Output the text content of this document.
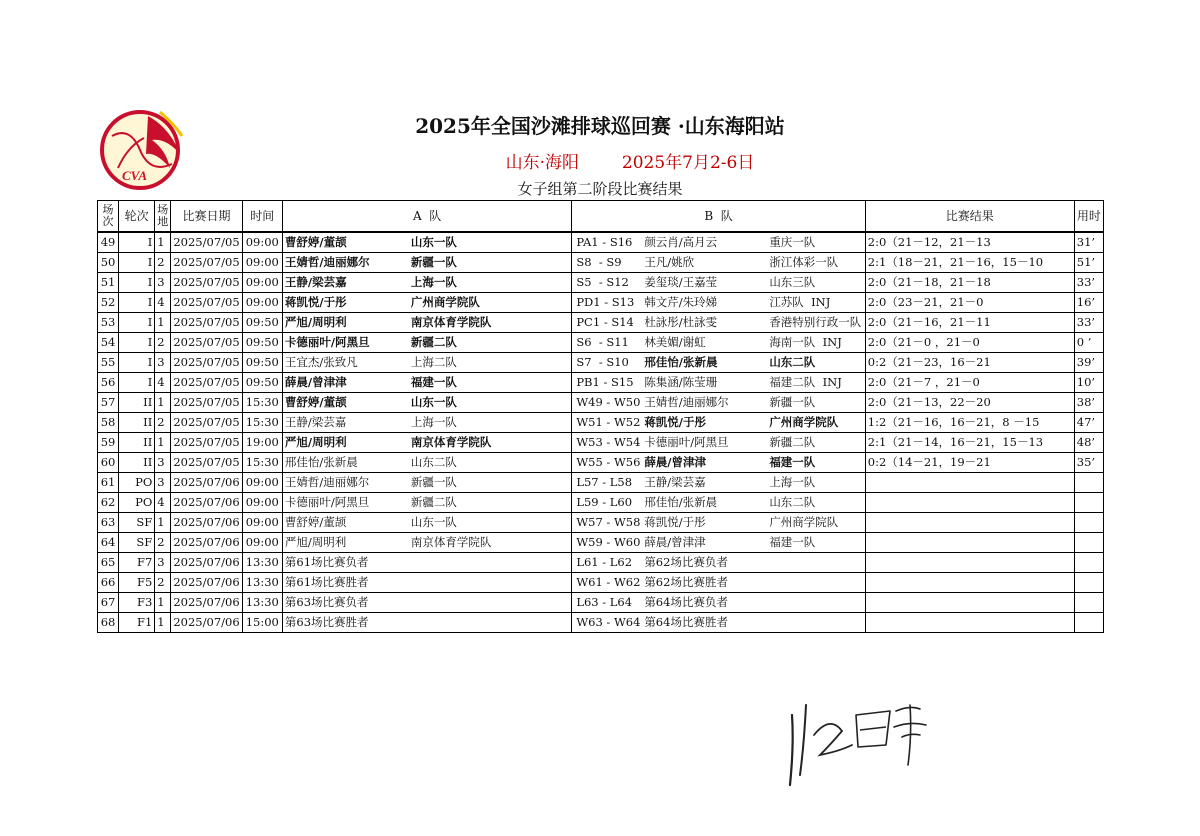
CVA
2025年全国沙滩排球巡回赛 ·山东海阳站
山东·海阳	2025年7月2-6日
女子组第二阶段比赛结果
场次	轮次	场地	比赛日期	时间	A  队	B  队	比赛结果	用时
49	I	1	2025/07/05	09:00	曹舒婷/董颉 山东一队	PA1 - S16 颜云肖/高月云 重庆一队	2:0（21－12，21－13	31’
50	I	2	2025/07/05	09:00	王婧哲/迪丽娜尔 新疆一队	S8  - S9 王凡/姚欣 浙江体彩一队	2:1（18－21，21－16，15－10	51’
51	I	3	2025/07/05	09:00	王静/梁芸嘉 上海一队	S5  - S12 姜玺琰/王嘉莹 山东三队	2:0（21－18，21－18	33’
52	I	4	2025/07/05	09:00	蒋凯悦/于彤 广州商学院队	PD1 - S13 韩文芹/朱玲娣 江苏队  INJ	2:0（23－21，21－0	16’
53	I	1	2025/07/05	09:50	严旭/周明利 南京体育学院队	PC1 - S14 杜詠彤/杜詠雯 香港特别行政一队	2:0（21－16，21－11	33’
54	I	2	2025/07/05	09:50	卡德丽叶/阿黑旦 新疆二队	S6  - S11 林美媚/谢虹 海南一队  INJ	2:0（21－0 ，21－0	0 ’
55	I	3	2025/07/05	09:50	王宜杰/张致凡 上海二队	S7  - S10 邢佳怡/张新晨 山东二队	0:2（21－23，16－21	39’
56	I	4	2025/07/05	09:50	薛晨/曾津津 福建一队	PB1 - S15 陈集涵/陈莹珊 福建二队  INJ	2:0（21－7 ，21－0	10’
57	II	1	2025/07/05	15:30	曹舒婷/董颉 山东一队	W49 - W50 王婧哲/迪丽娜尔 新疆一队	2:0（21－13，22－20	38’
58	II	2	2025/07/05	15:30	王静/梁芸嘉 上海一队	W51 - W52 蒋凯悦/于彤 广州商学院队	1:2（21－16，16－21，8 －15	47’
59	II	1	2025/07/05	19:00	严旭/周明利 南京体育学院队	W53 - W54 卡德丽叶/阿黑旦 新疆二队	2:1（21－14，16－21，15－13	48’
60	II	3	2025/07/05	15:30	邢佳怡/张新晨 山东二队	W55 - W56 薛晨/曾津津 福建一队	0:2（14－21，19－21	35’
61	PO	3	2025/07/06	09:00	王婧哲/迪丽娜尔 新疆一队	L57 - L58 王静/梁芸嘉 上海一队		

62	PO	4	2025/07/06	09:00	卡德丽叶/阿黑旦 新疆二队	L59 - L60 邢佳怡/张新晨 山东二队		

63	SF	1	2025/07/06	09:00	曹舒婷/董颉 山东一队	W57 - W58 蒋凯悦/于彤 广州商学院队		

64	SF	2	2025/07/06	09:00	严旭/周明利 南京体育学院队	W59 - W60 薛晨/曾津津 福建一队		

65	F7	3	2025/07/06	13:30	第61场比赛负者	L61 - L62 第62场比赛负者		

66	F5	2	2025/07/06	13:30	第61场比赛胜者	W61 - W62 第62场比赛胜者		

67	F3	1	2025/07/06	13:30	第63场比赛负者	L63 - L64 第64场比赛负者		

68	F1	1	2025/07/06	15:00	第63场比赛胜者	W63 - W64 第64场比赛胜者		
